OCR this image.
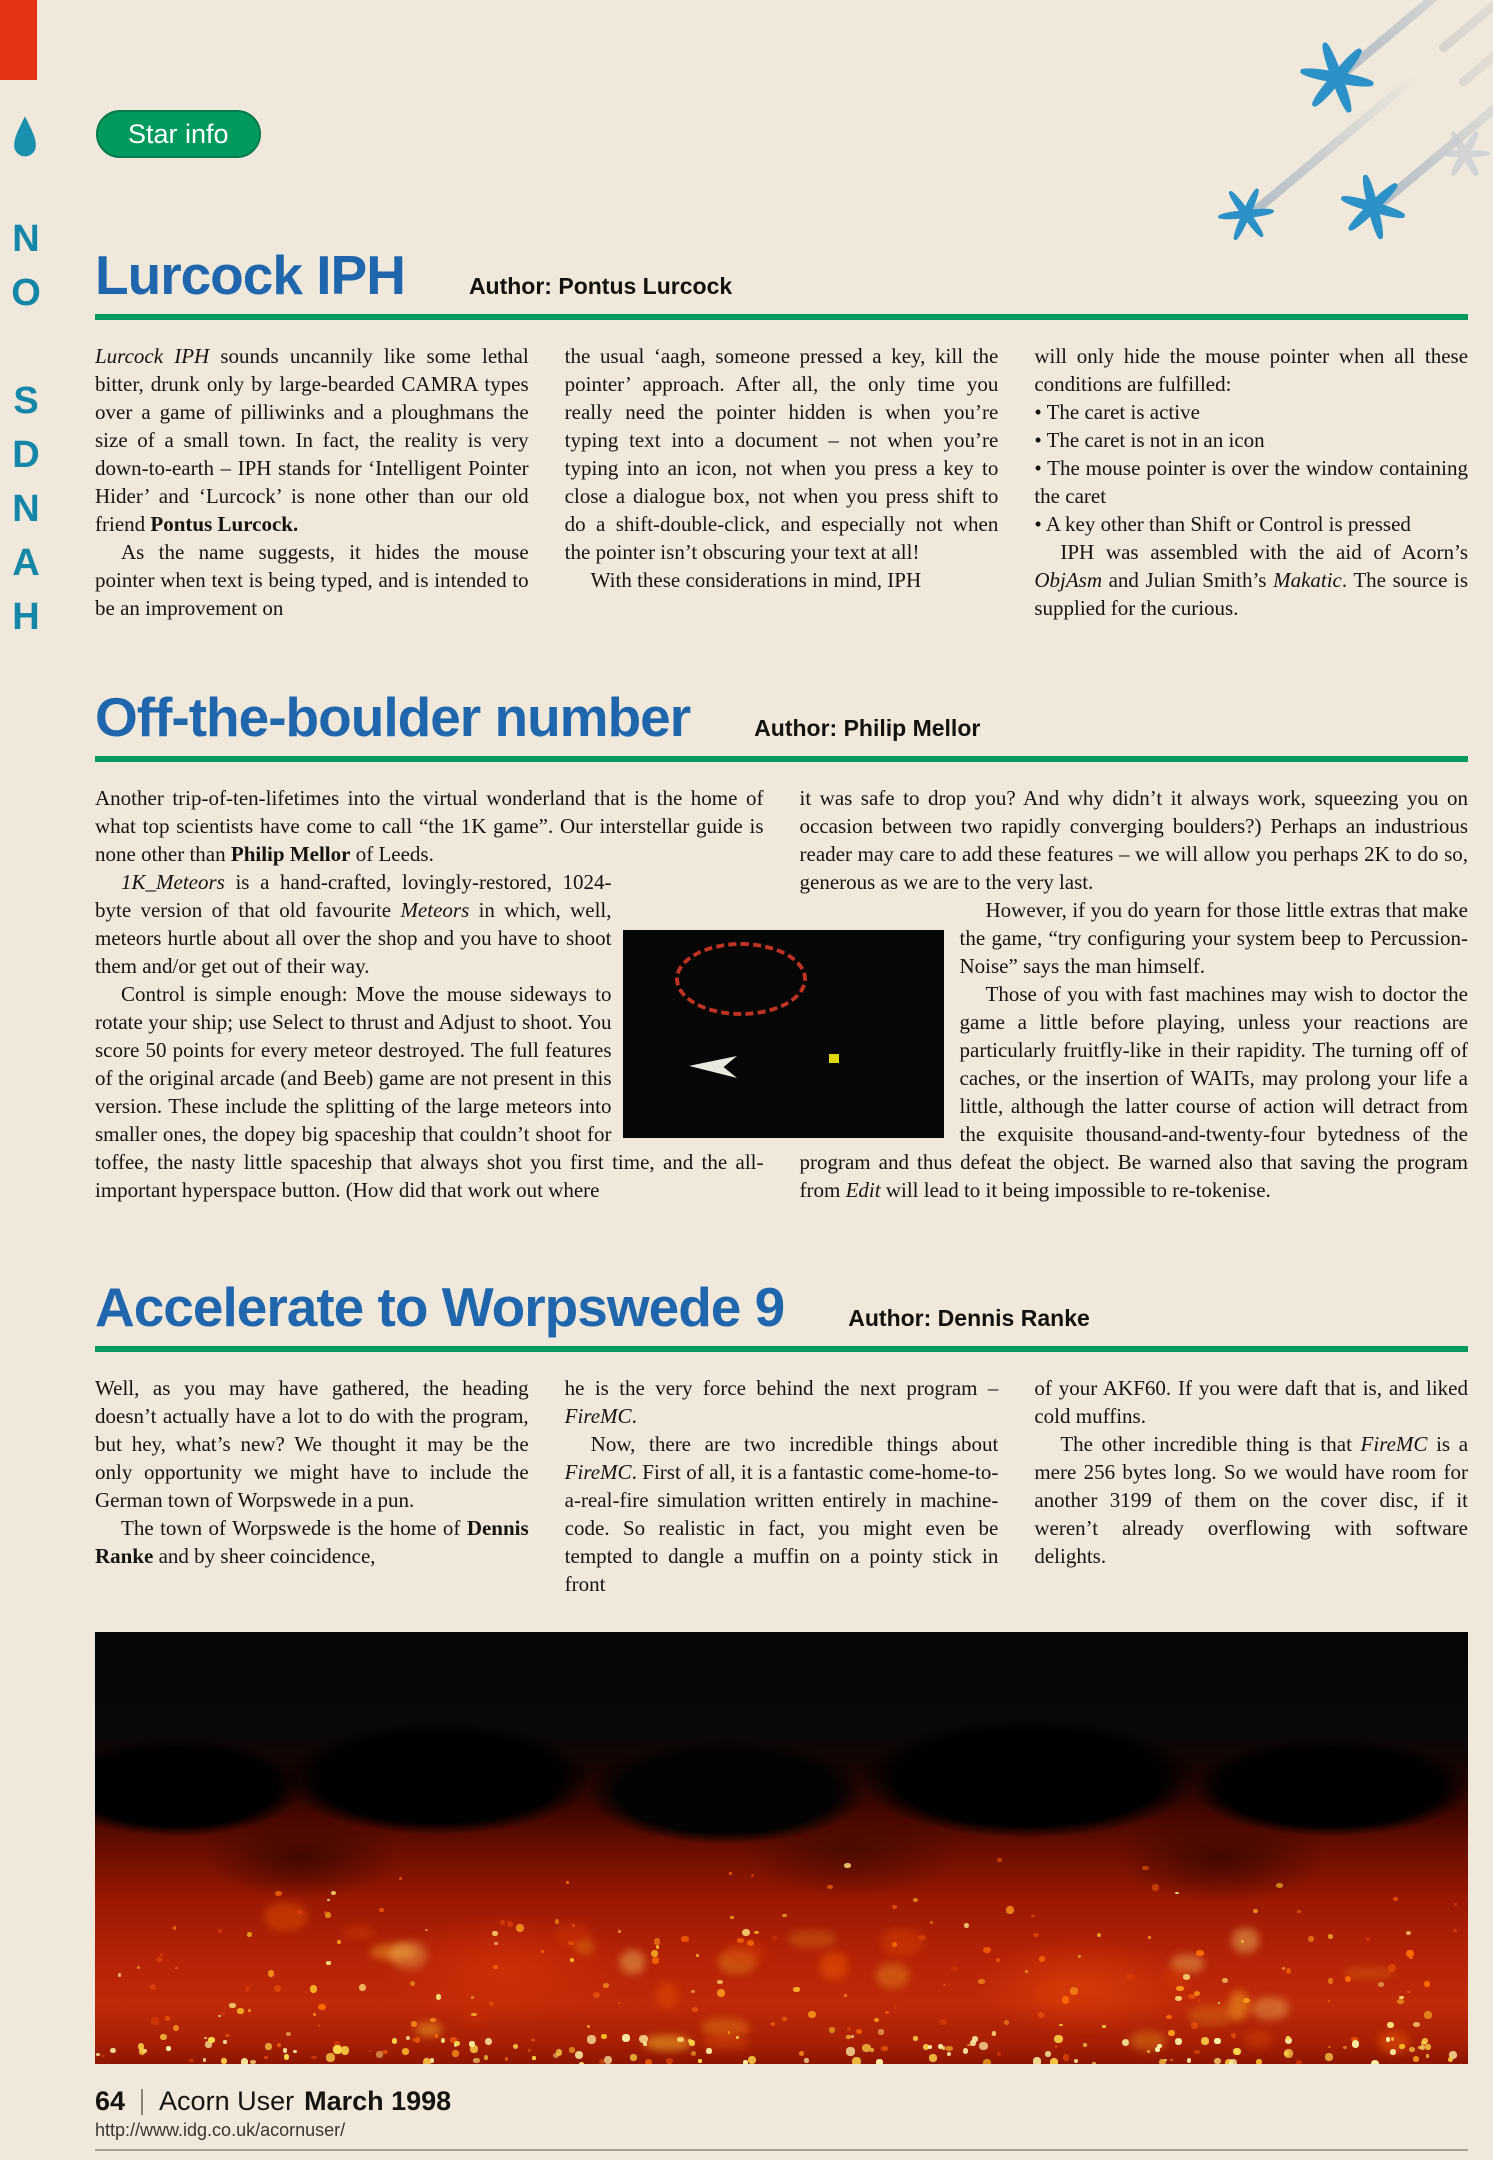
NO SDNAH
Star info
Lurcock IPH	Author: Pontus Lurcock

Lurcock IPH sounds uncannily like some lethal bitter, drunk only by large-bearded CAMRA types over a game of pilliwinks and a ploughmans the size of a small town. In fact, the reality is very down-to-earth – IPH stands for ‘Intelligent Pointer Hider’ and ‘Lurcock’ is none other than our old friend Pontus Lurcock.

As the name suggests, it hides the mouse pointer when text is being typed, and is intended to be an improvement on

the usual ‘aagh, someone pressed a key, kill the pointer’ approach. After all, the only time you really need the pointer hidden is when you’re typing text into a document – not when you’re typing into an icon, not when you press a key to close a dialogue box, not when you press shift to do a shift-double-click, and especially not when the pointer isn’t obscuring your text at all!

With these considerations in mind, IPH

will only hide the mouse pointer when all these conditions are fulfilled:

• The caret is active

• The caret is not in an icon

• The mouse pointer is over the window containing the caret

• A key other than Shift or Control is pressed

IPH was assembled with the aid of Acorn’s ObjAsm and Julian Smith’s Makatic. The source is supplied for the curious.

Off-the-boulder number	Author: Philip Mellor

Another trip-of-ten-lifetimes into the virtual wonderland that is the home of what top scientists have come to call “the 1K game”. Our interstellar guide is none other than Philip Mellor of Leeds.

1K_Meteors is a hand-crafted, lovingly-restored, 1024-byte version of that old favourite Meteors in which, well, meteors hurtle about all over the shop and you have to shoot them and/or get out of their way.

Control is simple enough: Move the mouse sideways to rotate your ship; use Select to thrust and Adjust to shoot. You score 50 points for every meteor destroyed. The full features of the original arcade (and Beeb) game are not present in this version. These include the splitting of the large meteors into smaller ones, the dopey big spaceship that couldn’t shoot for toffee, the nasty little spaceship that always shot you first time, and the all-important hyperspace button. (How did that work out where

it was safe to drop you? And why didn’t it always work, squeezing you on occasion between two rapidly converging boulders?) Perhaps an industrious reader may care to add these features – we will allow you perhaps 2K to do so, generous as we are to the very last.

However, if you do yearn for those little extras that make the game, “try configuring your system beep to Percussion-Noise” says the man himself.

Those of you with fast machines may wish to doctor the game a little before playing, unless your reactions are particularly fruitfly-like in their rapidity. The turning off of caches, or the insertion of WAITs, may prolong your life a little, although the latter course of action will detract from the exquisite thousand-and-twenty-four bytedness of the program and thus defeat the object. Be warned also that saving the program from Edit will lead to it being impossible to re-tokenise.

Accelerate to Worpswede 9	Author: Dennis Ranke

Well, as you may have gathered, the heading doesn’t actually have a lot to do with the program, but hey, what’s new? We thought it may be the only opportunity we might have to include the German town of Worpswede in a pun.

The town of Worpswede is the home of Dennis Ranke and by sheer coincidence,

he is the very force behind the next program – FireMC.

Now, there are two incredible things about FireMC. First of all, it is a fantastic come-home-to-a-real-fire simulation written entirely in machine-code. So realistic in fact, you might even be tempted to dangle a muffin on a pointy stick in front

of your AKF60. If you were daft that is, and liked cold muffins.

The other incredible thing is that FireMC is a mere 256 bytes long. So we would have room for another 3199 of them on the cover disc, if it weren’t already overflowing with software delights.

64 Acorn User March 1998
http://www.idg.co.uk/acornuser/
